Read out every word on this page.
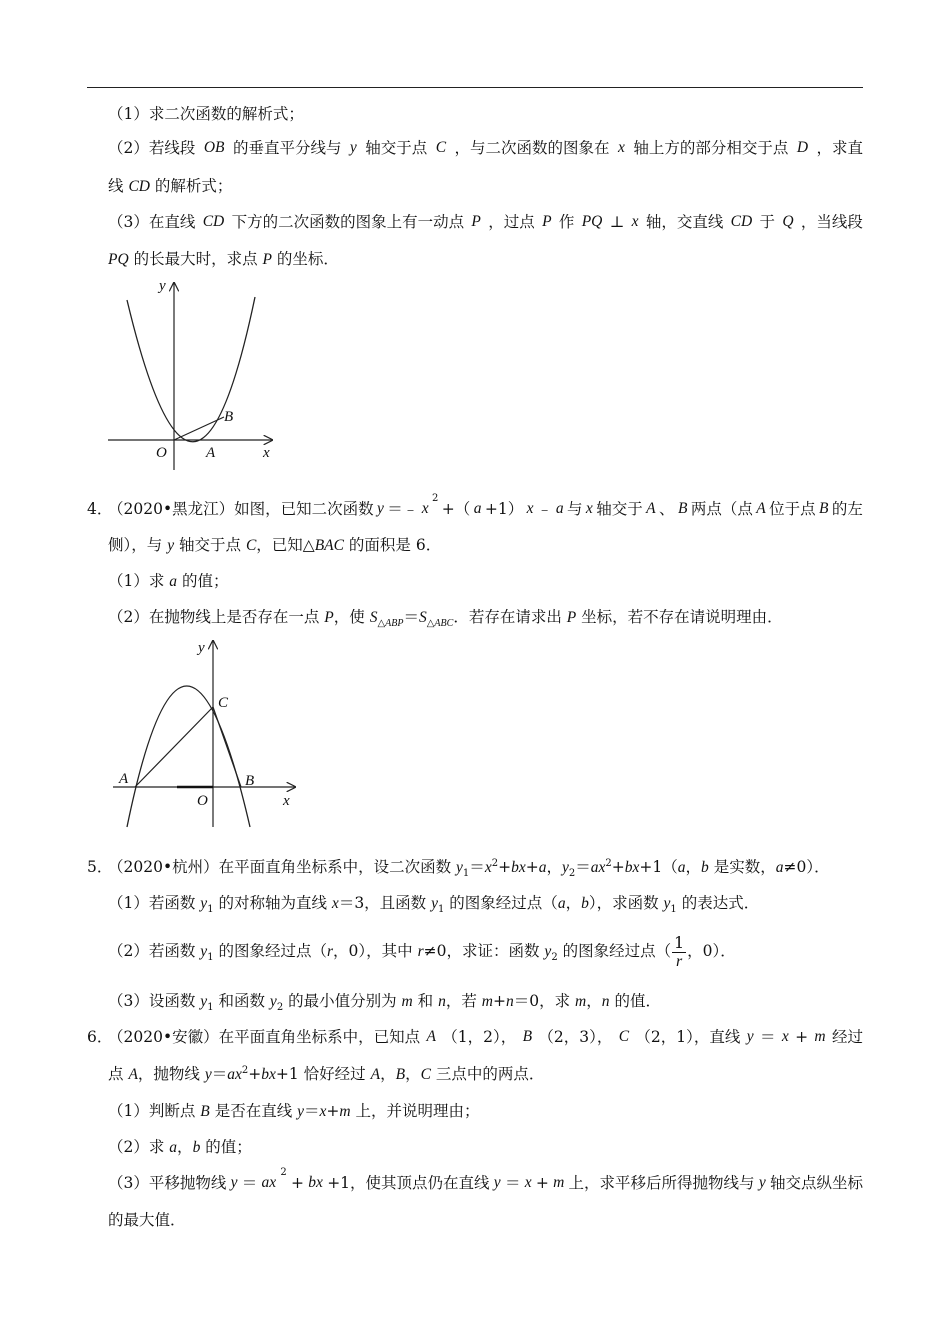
（1）求二次函数的解析式；
（2）若线段 OB 的垂直平分线与 y 轴交于点 C ，与二次函数的图象在 x 轴上方的部分相交于点 D ，求直
线 CD 的解析式；
（3）在直线 CD 下方的二次函数的图象上有一动点 P ，过点 P 作 PQ ⊥ x 轴，交直线 CD 于 Q ，当线段
PQ 的长最大时，求点 P 的坐标．
y
x
O	A
B
4．
（2020•黑龙江）如图，已知二次函数 y ＝﹣ x
2
+（ a +1） x ﹣ a 与 x 轴交于 A 、 B 两点（点 A 位于点 B 的左
侧），与 y 轴交于点 C，已知△BAC 的面积是 6．
（1）求 a 的值；
（2）在抛物线上是否存在一点 P，使 $S_{\triangle ABP}=S_{\triangle ABC}$．若存在请求出 P 坐标，若不存在请说明理由．
y
x
O
A	B
C
5．
（2020•杭州）在平面直角坐标系中，设二次函数 $y_1=x^2+bx+a$，$y_2=ax^2+bx+1(a$，b 是实数，a≠0）．
（1）若函数 $y_1$ 的对称轴为直线 x＝3，且函数 $y_1$ 的图象经过点（a，b），求函数 $y_1$ 的表达式．
（2）若函数 $y_1$ 的图象经过点（r，0），其中 r≠0，求证：函数 $y_2$ 的图象经过点（ $\frac{1}{r}$ ，0）．
（3）设函数 $y_1$ 和函数 $y_2$ 的最小值分别为 m 和 n，若 m+n＝0，求 m，n 的值．
6．
（2020•安徽）在平面直角坐标系中，已知点 A （1，2）， B （2，3）， C （2，1），直线 y ＝ x + m 经过
点 A，抛物线 $y=ax^2+bx+1$ 恰好经过 A，B，C 三点中的两点．
（1）判断点 B 是否在直线 y＝x+m 上，并说明理由；
（2）求 a，b 的值；
（3）平移抛物线 y ＝ ax
2
+ bx +1，使其顶点仍在直线 y ＝ x + m 上，求平移后所得抛物线与 y 轴交点纵坐标
的最大值．
